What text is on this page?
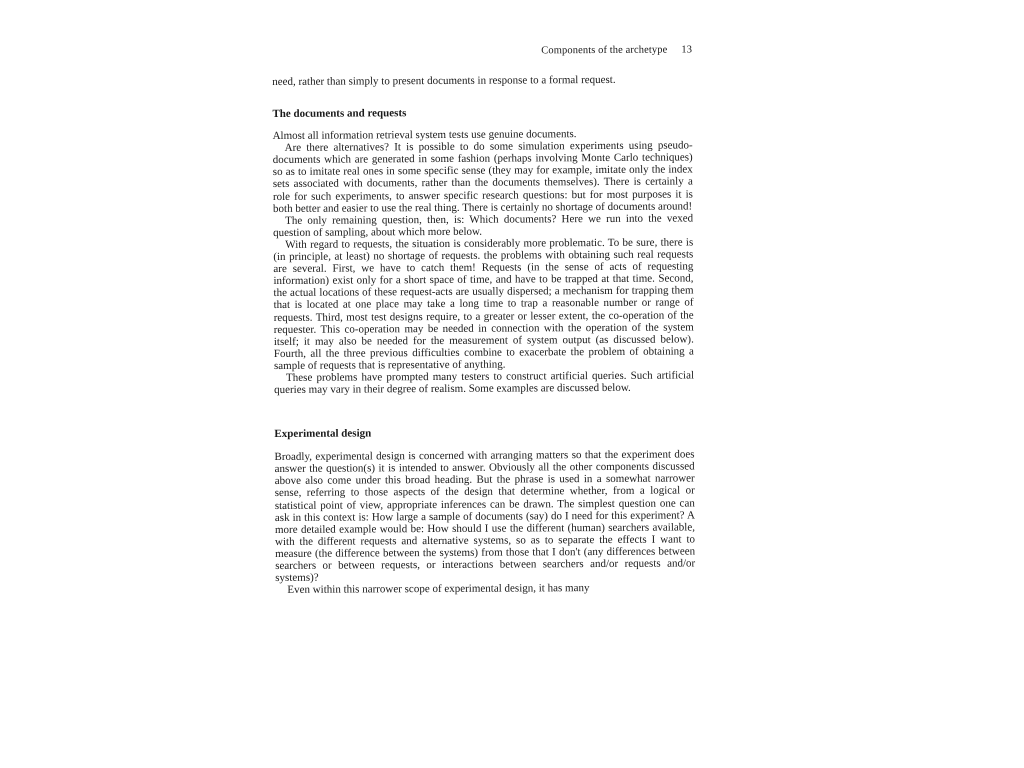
Components of the archetype 13

need, rather than simply to present documents in response to a formal request.

The documents and requests

Almost all information retrieval system tests use genuine documents.

Are there alternatives? It is possible to do some simulation experiments using pseudo-documents which are generated in some fashion (perhaps involving Monte Carlo techniques) so as to imitate real ones in some specific sense (they may for example, imitate only the index sets associated with documents, rather than the documents themselves). There is certainly a role for such experiments, to answer specific research questions: but for most purposes it is both better and easier to use the real thing. There is certainly no shortage of documents around!

The only remaining question, then, is: Which documents? Here we run into the vexed question of sampling, about which more below.

With regard to requests, the situation is considerably more problematic. To be sure, there is (in principle, at least) no shortage of requests. the problems with obtaining such real requests are several. First, we have to catch them! Requests (in the sense of acts of requesting information) exist only for a short space of time, and have to be trapped at that time. Second, the actual locations of these request-acts are usually dispersed; a mechanism for trapping them that is located at one place may take a long time to trap a reasonable number or range of requests. Third, most test designs require, to a greater or lesser extent, the co-operation of the requester. This co-operation may be needed in connection with the operation of the system itself; it may also be needed for the measurement of system output (as discussed below). Fourth, all the three previous difficulties combine to exacerbate the problem of obtaining a sample of requests that is representative of anything.

These problems have prompted many testers to construct artificial queries. Such artificial queries may vary in their degree of realism. Some examples are discussed below.

Experimental design

Broadly, experimental design is concerned with arranging matters so that the experiment does answer the question(s) it is intended to answer. Obviously all the other components discussed above also come under this broad heading. But the phrase is used in a somewhat narrower sense, referring to those aspects of the design that determine whether, from a logical or statistical point of view, appropriate inferences can be drawn. The simplest question one can ask in this context is: How large a sample of documents (say) do I need for this experiment? A more detailed example would be: How should I use the different (human) searchers available, with the different requests and alternative systems, so as to separate the effects I want to measure (the difference between the systems) from those that I don't (any differences between searchers or between requests, or interactions between searchers and/or requests and/or systems)?

Even within this narrower scope of experimental design, it has many
